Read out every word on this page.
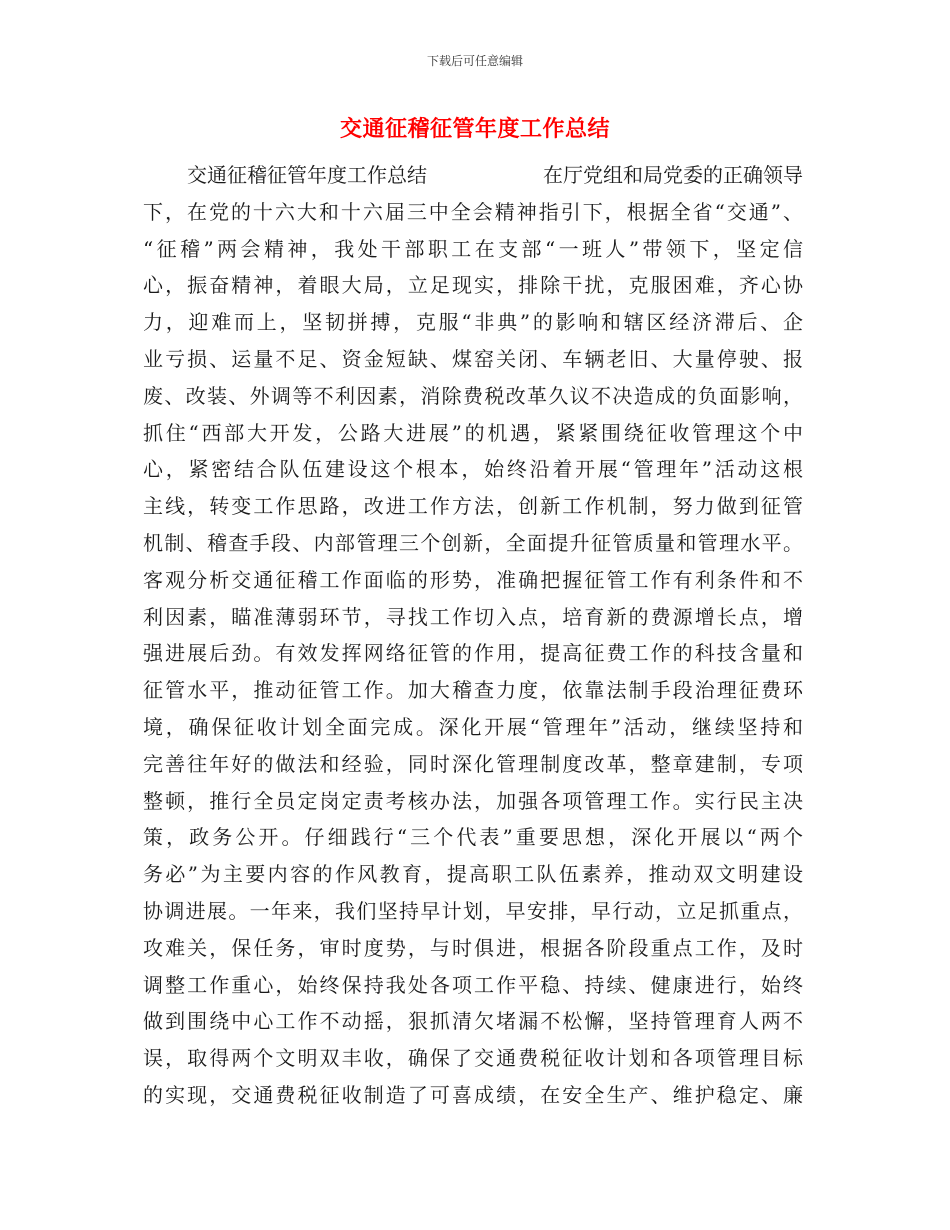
下载后可任意编辑
交通征稽征管年度工作总结
交通征稽征管年度工作总结	在厅党组和局党委的正确领导
下，在党的十六大和十六届三中全会精神指引下，根据全省“交通”、
“征稽”两会精神，我处干部职工在支部“一班人”带领下，坚定信
心，振奋精神，着眼大局，立足现实，排除干扰，克服困难，齐心协
力，迎难而上，坚韧拼搏，克服“非典”的影响和辖区经济滞后、企
业亏损、运量不足、资金短缺、煤窑关闭、车辆老旧、大量停驶、报
废、改装、外调等不利因素，消除费税改革久议不决造成的负面影响，
抓住“西部大开发，公路大进展”的机遇，紧紧围绕征收管理这个中
心，紧密结合队伍建设这个根本，始终沿着开展“管理年”活动这根
主线，转变工作思路，改进工作方法，创新工作机制，努力做到征管
机制、稽查手段、内部管理三个创新，全面提升征管质量和管理水平。
客观分析交通征稽工作面临的形势，准确把握征管工作有利条件和不
利因素，瞄准薄弱环节，寻找工作切入点，培育新的费源增长点，增
强进展后劲。有效发挥网络征管的作用，提高征费工作的科技含量和
征管水平，推动征管工作。加大稽查力度，依靠法制手段治理征费环
境，确保征收计划全面完成。深化开展“管理年”活动，继续坚持和
完善往年好的做法和经验，同时深化管理制度改革，整章建制，专项
整顿，推行全员定岗定责考核办法，加强各项管理工作。实行民主决
策，政务公开。仔细践行“三个代表”重要思想，深化开展以“两个
务必”为主要内容的作风教育，提高职工队伍素养，推动双文明建设
协调进展。一年来，我们坚持早计划，早安排，早行动，立足抓重点，
攻难关，保任务，审时度势，与时俱进，根据各阶段重点工作，及时
调整工作重心，始终保持我处各项工作平稳、持续、健康进行，始终
做到围绕中心工作不动摇，狠抓清欠堵漏不松懈，坚持管理育人两不
误，取得两个文明双丰收，确保了交通费税征收计划和各项管理目标
的实现，交通费税征收制造了可喜成绩，在安全生产、维护稳定、廉
